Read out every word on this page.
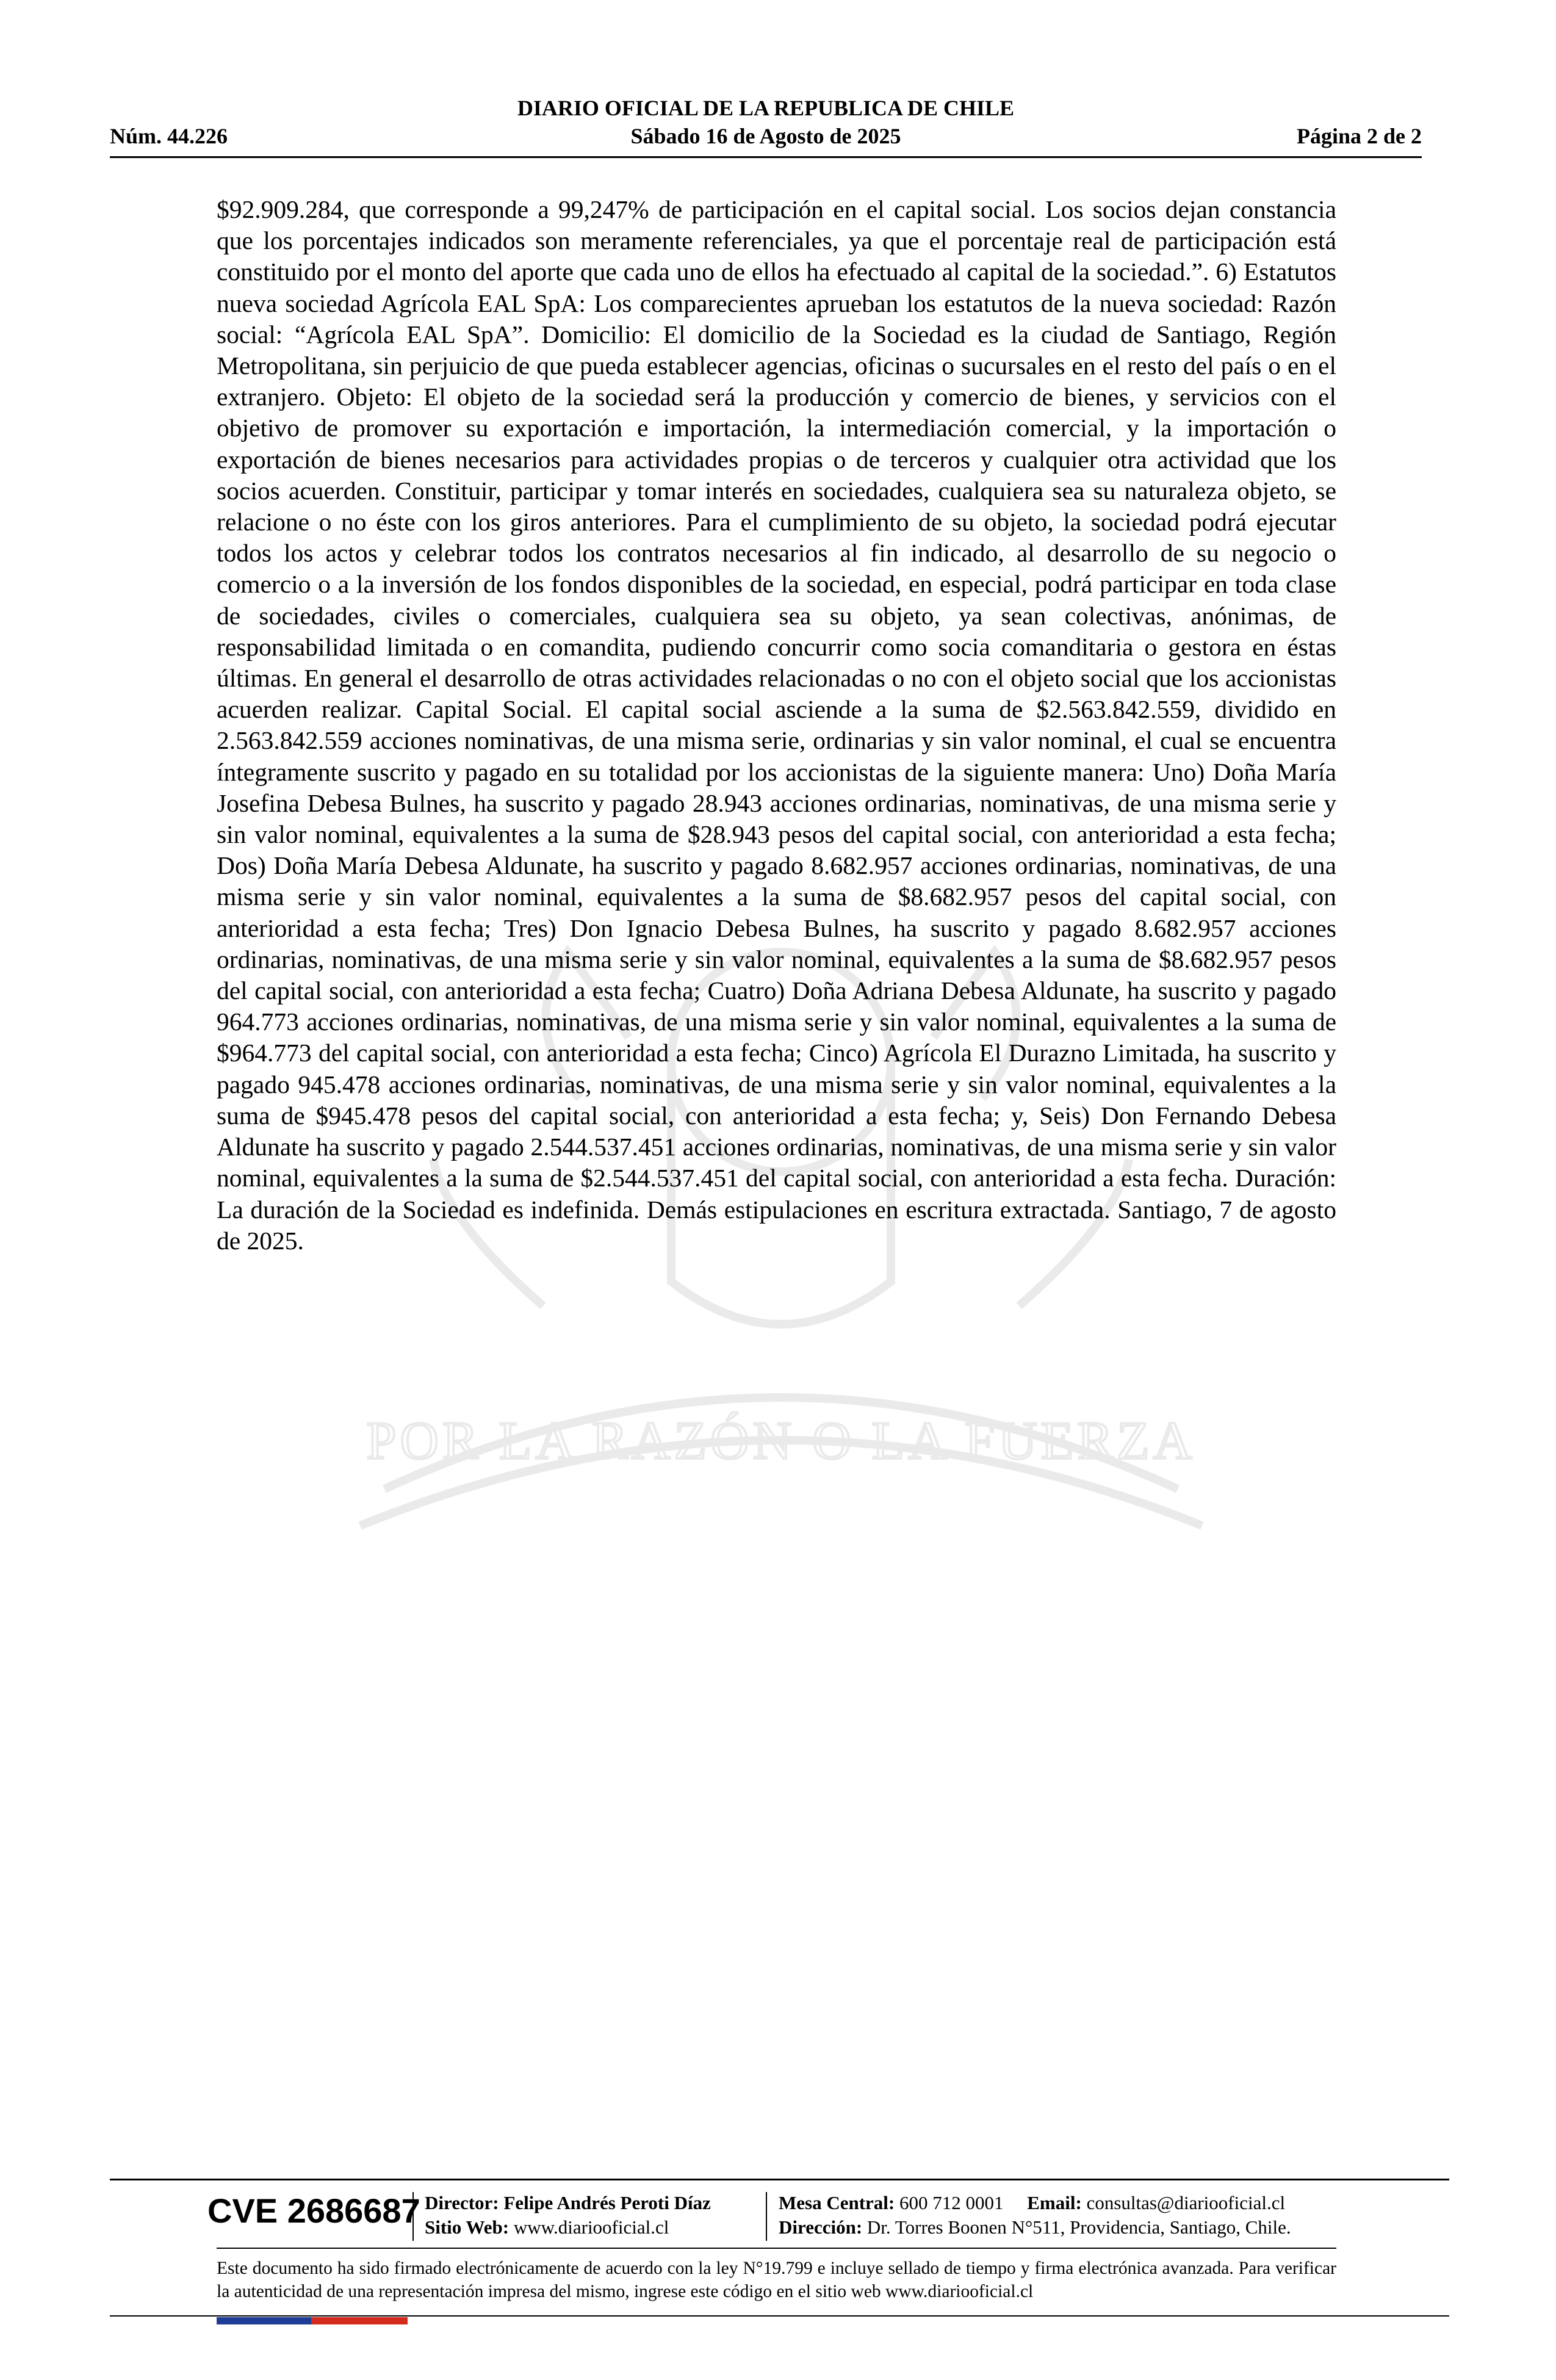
DIARIO OFICIAL DE LA REPUBLICA DE CHILE
Núm. 44.226	Sábado 16 de Agosto de 2025	Página 2 de 2
POR LA RAZÓN O LA FUERZA
$92.909.284, que corresponde a 99,247% de participación en el capital social. Los socios dejan constancia que los porcentajes indicados son meramente referenciales, ya que el porcentaje real de participación está constituido por el monto del aporte que cada uno de ellos ha efectuado al capital de la sociedad.”. 6) Estatutos nueva sociedad Agrícola EAL SpA: Los comparecientes aprueban los estatutos de la nueva sociedad: Razón social: “Agrícola EAL SpA”. Domicilio: El domicilio de la Sociedad es la ciudad de Santiago, Región Metropolitana, sin perjuicio de que pueda establecer agencias, oficinas o sucursales en el resto del país o en el extranjero. Objeto: El objeto de la sociedad será la producción y comercio de bienes, y servicios con el objetivo de promover su exportación e importación, la intermediación comercial, y la importación o exportación de bienes necesarios para actividades propias o de terceros y cualquier otra actividad que los socios acuerden. Constituir, participar y tomar interés en sociedades, cualquiera sea su naturaleza objeto, se relacione o no éste con los giros anteriores. Para el cumplimiento de su objeto, la sociedad podrá ejecutar todos los actos y celebrar todos los contratos necesarios al fin indicado, al desarrollo de su negocio o comercio o a la inversión de los fondos disponibles de la sociedad, en especial, podrá participar en toda clase de sociedades, civiles o comerciales, cualquiera sea su objeto, ya sean colectivas, anónimas, de responsabilidad limitada o en comandita, pudiendo concurrir como socia comanditaria o gestora en éstas últimas. En general el desarrollo de otras actividades relacionadas o no con el objeto social que los accionistas acuerden realizar. Capital Social. El capital social asciende a la suma de $2.563.842.559, dividido en 2.563.842.559 acciones nominativas, de una misma serie, ordinarias y sin valor nominal, el cual se encuentra íntegramente suscrito y pagado en su totalidad por los accionistas de la siguiente manera: Uno) Doña María Josefina Debesa Bulnes, ha suscrito y pagado 28.943 acciones ordinarias, nominativas, de una misma serie y sin valor nominal, equivalentes a la suma de $28.943 pesos del capital social, con anterioridad a esta fecha; Dos) Doña María Debesa Aldunate, ha suscrito y pagado 8.682.957 acciones ordinarias, nominativas, de una misma serie y sin valor nominal, equivalentes a la suma de $8.682.957 pesos del capital social, con anterioridad a esta fecha; Tres) Don Ignacio Debesa Bulnes, ha suscrito y pagado 8.682.957 acciones ordinarias, nominativas, de una misma serie y sin valor nominal, equivalentes a la suma de $8.682.957 pesos del capital social, con anterioridad a esta fecha; Cuatro) Doña Adriana Debesa Aldunate, ha suscrito y pagado 964.773 acciones ordinarias, nominativas, de una misma serie y sin valor nominal, equivalentes a la suma de $964.773 del capital social, con anterioridad a esta fecha; Cinco) Agrícola El Durazno Limitada, ha suscrito y pagado 945.478 acciones ordinarias, nominativas, de una misma serie y sin valor nominal, equivalentes a la suma de $945.478 pesos del capital social, con anterioridad a esta fecha; y, Seis) Don Fernando Debesa Aldunate ha suscrito y pagado 2.544.537.451 acciones ordinarias, nominativas, de una misma serie y sin valor nominal, equivalentes a la suma de $2.544.537.451 del capital social, con anterioridad a esta fecha. Duración: La duración de la Sociedad es indefinida. Demás estipulaciones en escritura extractada. Santiago, 7 de agosto de 2025.
CVE 2686687 Director: Felipe Andrés Peroti Díaz
Sitio Web: www.diariooficial.cl
Mesa Central: 600 712 0001 Email: consultas@diariooficial.cl
Dirección: Dr. Torres Boonen N°511, Providencia, Santiago, Chile.
Este documento ha sido firmado electrónicamente de acuerdo con la ley N°19.799 e incluye sellado de tiempo y firma electrónica avanzada. Para verificar la autenticidad de una representación impresa del mismo, ingrese este código en el sitio web www.diariooficial.cl
